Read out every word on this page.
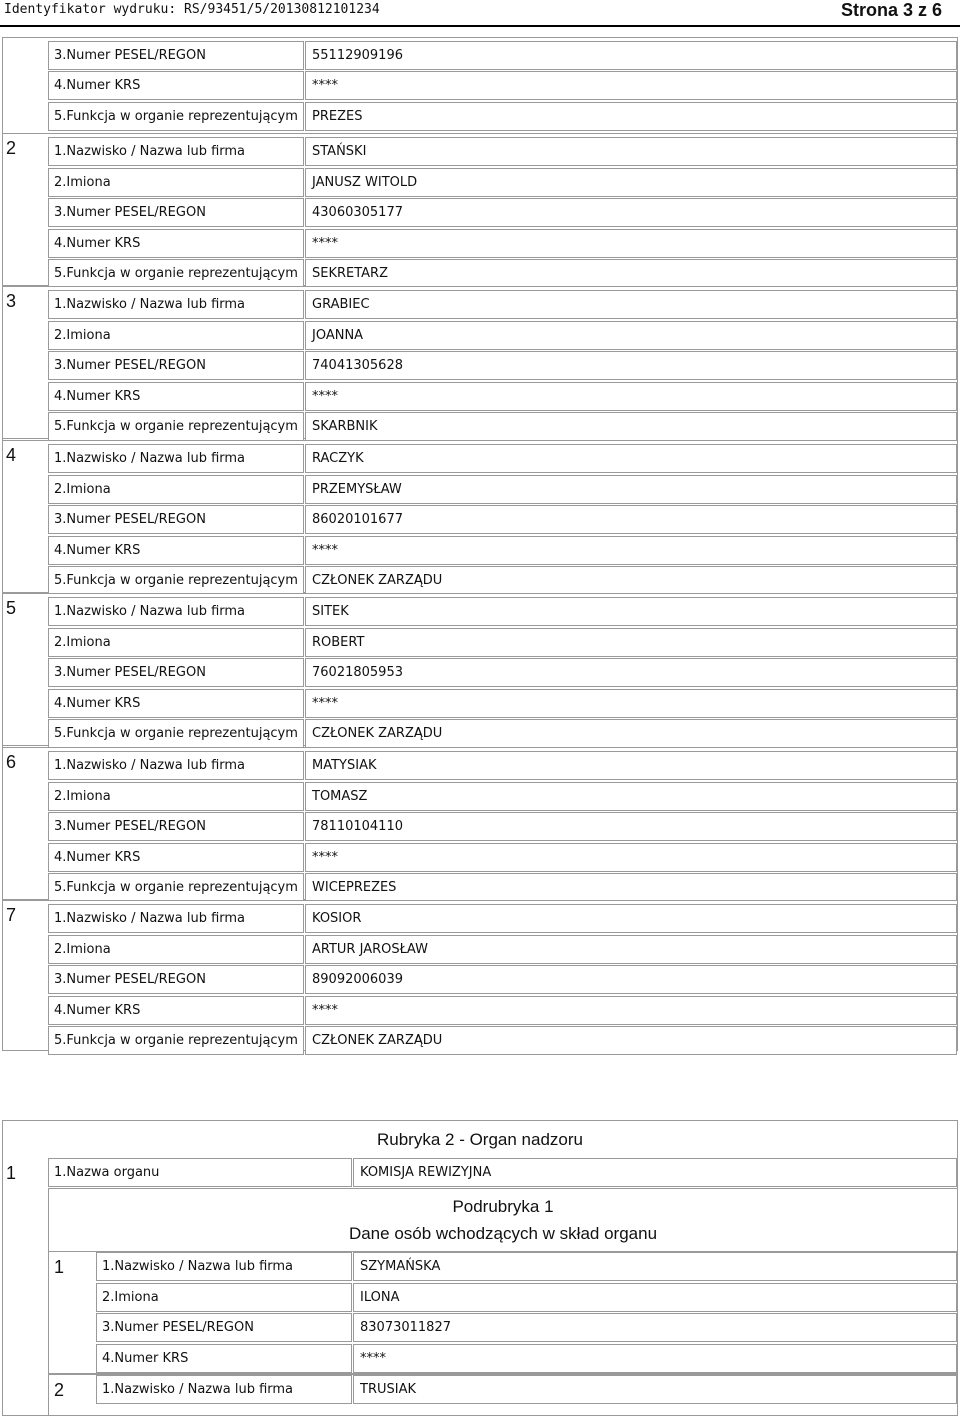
Identyfikator wydruku: RS/93451/5/20130812101234	Strona 3 z 6
3.Numer PESEL/REGON	55112909196
4.Numer KRS	****
5.Funkcja w organie reprezentującym	PREZES
2	1.Nazwisko / Nazwa lub firma	STAŃSKI
2.Imiona	JANUSZ WITOLD
3.Numer PESEL/REGON	43060305177
4.Numer KRS	****
5.Funkcja w organie reprezentującym	SEKRETARZ
3	1.Nazwisko / Nazwa lub firma	GRABIEC
2.Imiona	JOANNA
3.Numer PESEL/REGON	74041305628
4.Numer KRS	****
5.Funkcja w organie reprezentującym	SKARBNIK
4	1.Nazwisko / Nazwa lub firma	RACZYK
2.Imiona	PRZEMYSŁAW
3.Numer PESEL/REGON	86020101677
4.Numer KRS	****
5.Funkcja w organie reprezentującym	CZŁONEK ZARZĄDU
5	1.Nazwisko / Nazwa lub firma	SITEK
2.Imiona	ROBERT
3.Numer PESEL/REGON	76021805953
4.Numer KRS	****
5.Funkcja w organie reprezentującym	CZŁONEK ZARZĄDU
6	1.Nazwisko / Nazwa lub firma	MATYSIAK
2.Imiona	TOMASZ
3.Numer PESEL/REGON	78110104110
4.Numer KRS	****
5.Funkcja w organie reprezentującym	WICEPREZES
7	1.Nazwisko / Nazwa lub firma	KOSIOR
2.Imiona	ARTUR JAROSŁAW
3.Numer PESEL/REGON	89092006039
4.Numer KRS	****
5.Funkcja w organie reprezentującym	CZŁONEK ZARZĄDU
Rubryka 2 - Organ nadzoru
1	1.Nazwa organu	KOMISJA REWIZYJNA
Podrubryka 1
Dane osób wchodzących w skład organu
1	1.Nazwisko / Nazwa lub firma	SZYMAŃSKA
2.Imiona	ILONA
3.Numer PESEL/REGON	83073011827
4.Numer KRS	****
2	1.Nazwisko / Nazwa lub firma	TRUSIAK
